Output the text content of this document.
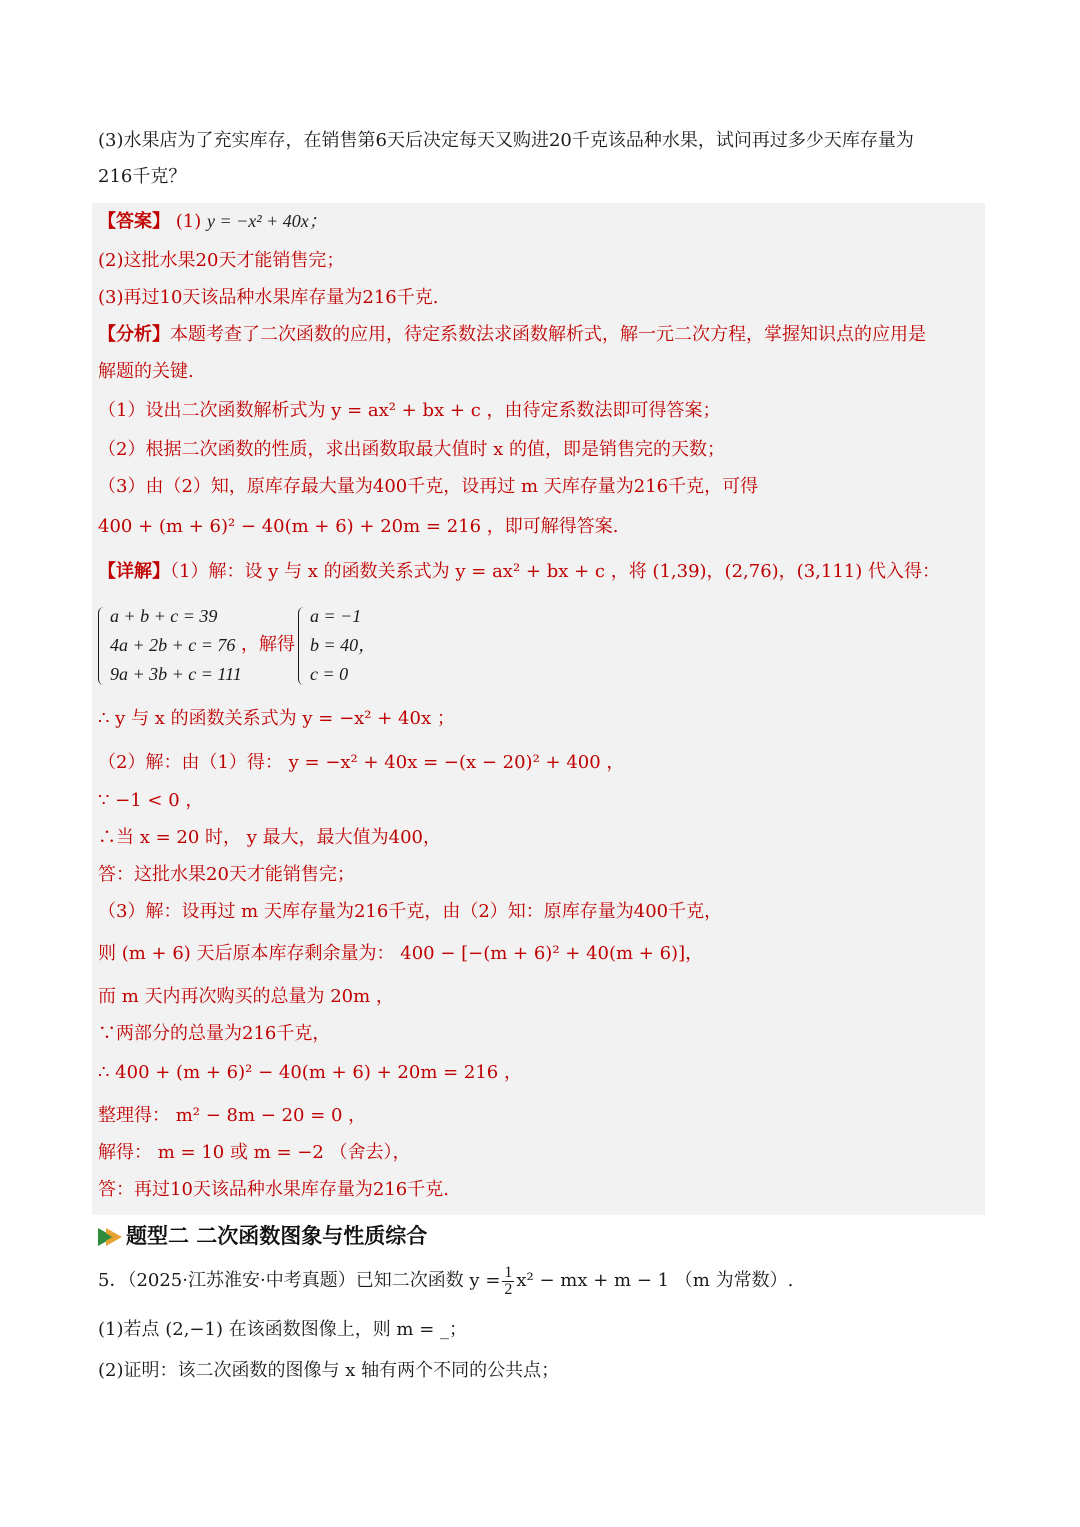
(3)水果店为了充实库存，在销售第6天后决定每天又购进20千克该品种水果，试问再过多少天库存量为
216千克？
【答案】 (1) y = −x² + 40x；
(2)这批水果20天才能销售完；
(3)再过10天该品种水果库存量为216千克.
【分析】本题考查了二次函数的应用，待定系数法求函数解析式，解一元二次方程，掌握知识点的应用是
解题的关键.
（1）设出二次函数解析式为 y = ax² + bx + c ，由待定系数法即可得答案；
（2）根据二次函数的性质，求出函数取最大值时 x 的值，即是销售完的天数；
（3）由（2）知，原库存最大量为400千克，设再过 m 天库存量为216千克，可得
400 + (m + 6)² − 40(m + 6) + 20m = 216 ，即可解得答案.
【详解】（1）解：设 y 与 x 的函数关系式为 y = ax² + bx + c ，将 (1,39)，(2,76)，(3,111) 代入得：
a + b + c = 39
4a + 2b + c = 76
9a + 3b + c = 111
，解得
a = −1
b = 40，
c = 0
∴ y 与 x 的函数关系式为 y = −x² + 40x ；
（2）解：由（1）得： y = −x² + 40x = −(x − 20)² + 400 ，
∵ −1 < 0 ，
∴当 x = 20 时， y 最大，最大值为400，
答：这批水果20天才能销售完；
（3）解：设再过 m 天库存量为216千克，由（2）知：原库存量为400千克，
则 (m + 6) 天后原本库存剩余量为： 400 − [−(m + 6)² + 40(m + 6)]，
而 m 天内再次购买的总量为 20m ，
∵两部分的总量为216千克，
∴ 400 + (m + 6)² − 40(m + 6) + 20m = 216 ，
整理得： m² − 8m − 20 = 0 ，
解得： m = 10 或 m = −2 （舍去），
答：再过10天该品种水果库存量为216千克.
题型二 二次函数图象与性质综合
5．（2025·江苏淮安·中考真题）已知二次函数 $y = \frac{1}{2} x^2$ − mx + m − 1 （m 为常数）.
(1)若点 (2,−1) 在该函数图像上，则 m = _；
(2)证明：该二次函数的图像与 x 轴有两个不同的公共点；
